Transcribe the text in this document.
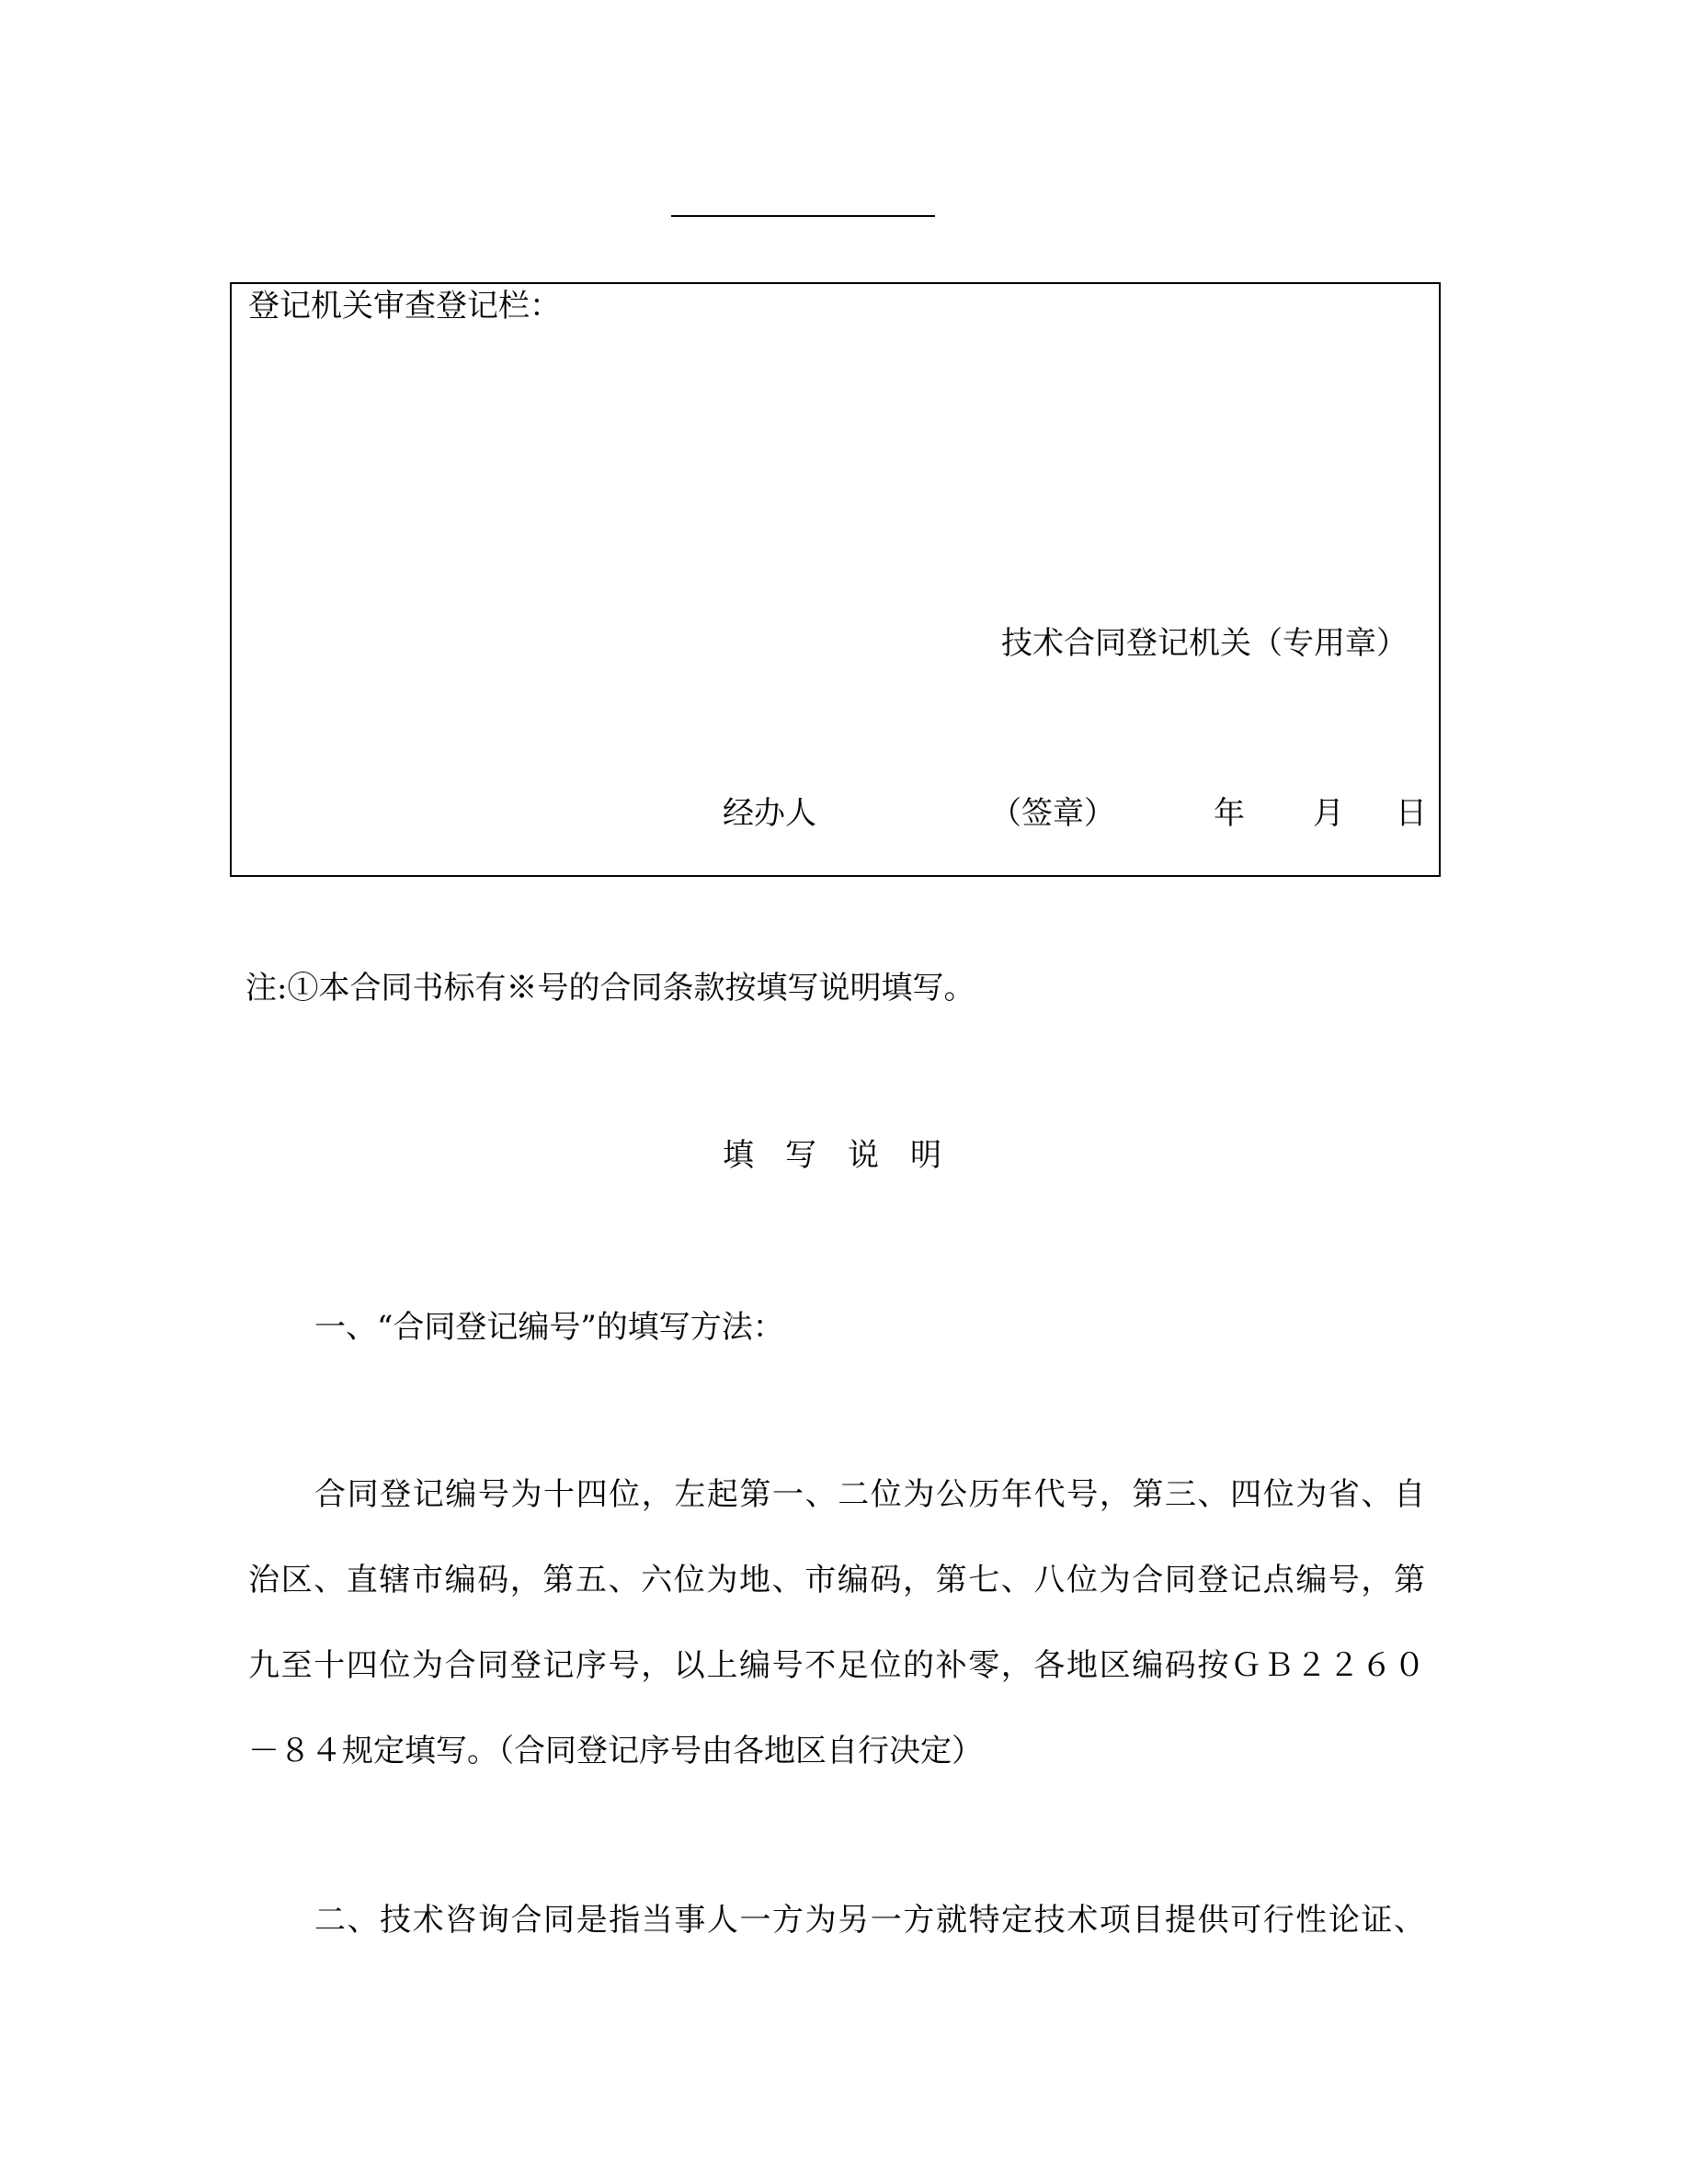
登记机关审查登记栏：
技术合同登记机关（专用章）
经办人	（签章）	年 月 日
注:①本合同书标有※号的合同条款按填写说明填写。
填　写　说　明
一、“合同登记编号”的填写方法：
合同登记编号为十四位，左起第一、二位为公历年代号，第三、四位为省、自
治区、直辖市编码，第五、六位为地、市编码，第七、八位为合同登记点编号，第
九至十四位为合同登记序号，以上编号不足位的补零，各地区编码按ＧＢ２２６０
－８４规定填写。（合同登记序号由各地区自行决定）
二、技术咨询合同是指当事人一方为另一方就特定技术项目提供可行性论证、
